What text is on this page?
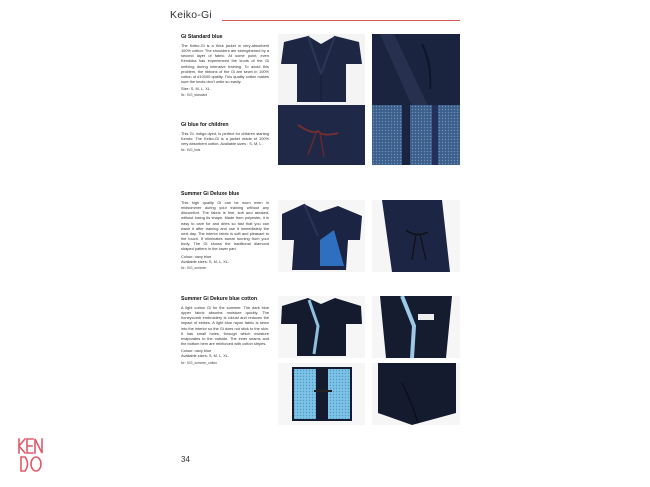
Keiko-Gi
Gi Standard blue

The Keiko-Gi is a thick jacket in very-absorbent 100% cotton. The shoulders are strengthened by a second layer of fabric. At some point, even Kendoka has experienced the knots of the Gi unfixing during intensive training. To avoid this problem, the ribbons of the Gi are sewn in 100% cotton of #10000 quality. This quality cotton makes sure the knots don't untie so easily.

Size: S, M, L, XL.

Nr.: KiG_standard
Gi blue for children

This Gi, indigo dyed, is perfect for children starting Kendo. The Keiko-Gi is a jacket made of 100% very absorbent cotton. Available sizes : S, M, L.

Nr.: KiG_kids
Summer Gi Deluxe blue

This high quality Gi can be worn even in midsummer during your training without any discomfort. The fabric is fine, soft and aerated, without losing its shape. Made from polyester, it is easy to care for and dries so fast that you can wash it after training and use it immediately the next day. The interior fabric is soft and pleasant to the touch. It eliminates sweat running from your body. The Gi shows the traditional diamond shaped pattern in the lower part.

Colour: navy blue

Available sizes: S, M, L, XL.

Nr.: KiG_summer
Summer Gi Dekure blue cotton

A light cotton Gi for the summer. The dark blue upper fabric absorbs moisture quickly. The honeycomb embroidery is robust and reduces the impact of strikes. A light blue rayon fabric is sewn into the interior so the Gi does not stick to the skin. It has small holes, through which moisture evaporates to the outside. The inner seams and the bottom hem are reinforced with cotton stripes.

Colour: navy blue

Available sizes: S, M, L, XL.

Nr.: KiG_summer_cotton
34
